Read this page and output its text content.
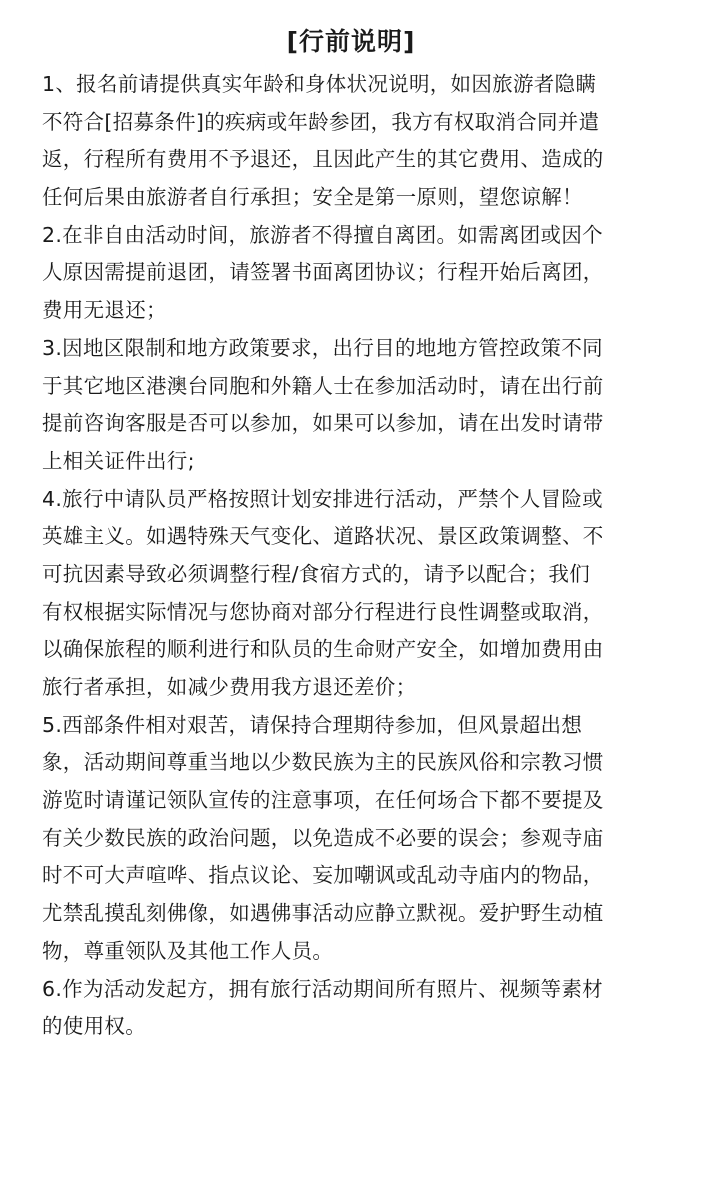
[行前说明]
1、报名前请提供真实年龄和身体状况说明，如因旅游者隐瞒
不符合[招募条件]的疾病或年龄参团，我方有权取消合同并遣
返，行程所有费用不予退还，且因此产生的其它费用、造成的
任何后果由旅游者自行承担；安全是第一原则，望您谅解！
2.在非自由活动时间，旅游者不得擅自离团。如需离团或因个
人原因需提前退团，请签署书面离团协议；行程开始后离团，
费用无退还；
3.因地区限制和地方政策要求，出行目的地地方管控政策不同
于其它地区港澳台同胞和外籍人士在参加活动时，请在出行前
提前咨询客服是否可以参加，如果可以参加，请在出发时请带
上相关证件出行;
4.旅行中请队员严格按照计划安排进行活动，严禁个人冒险或
英雄主义。如遇特殊天气变化、道路状况、景区政策调整、不
可抗因素导致必须调整行程/食宿方式的，请予以配合；我们
有权根据实际情况与您协商对部分行程进行良性调整或取消，
以确保旅程的顺利进行和队员的生命财产安全，如增加费用由
旅行者承担，如减少费用我方退还差价；
5.西部条件相对艰苦，请保持合理期待参加，但风景超出想
象，活动期间尊重当地以少数民族为主的民族风俗和宗教习惯
游览时请谨记领队宣传的注意事项，在任何场合下都不要提及
有关少数民族的政治问题，以免造成不必要的误会；参观寺庙
时不可大声喧哗、指点议论、妄加嘲讽或乱动寺庙内的物品，
尤禁乱摸乱刻佛像，如遇佛事活动应静立默视。爱护野生动植
物，尊重领队及其他工作人员。
6.作为活动发起方，拥有旅行活动期间所有照片、视频等素材
的使用权。
